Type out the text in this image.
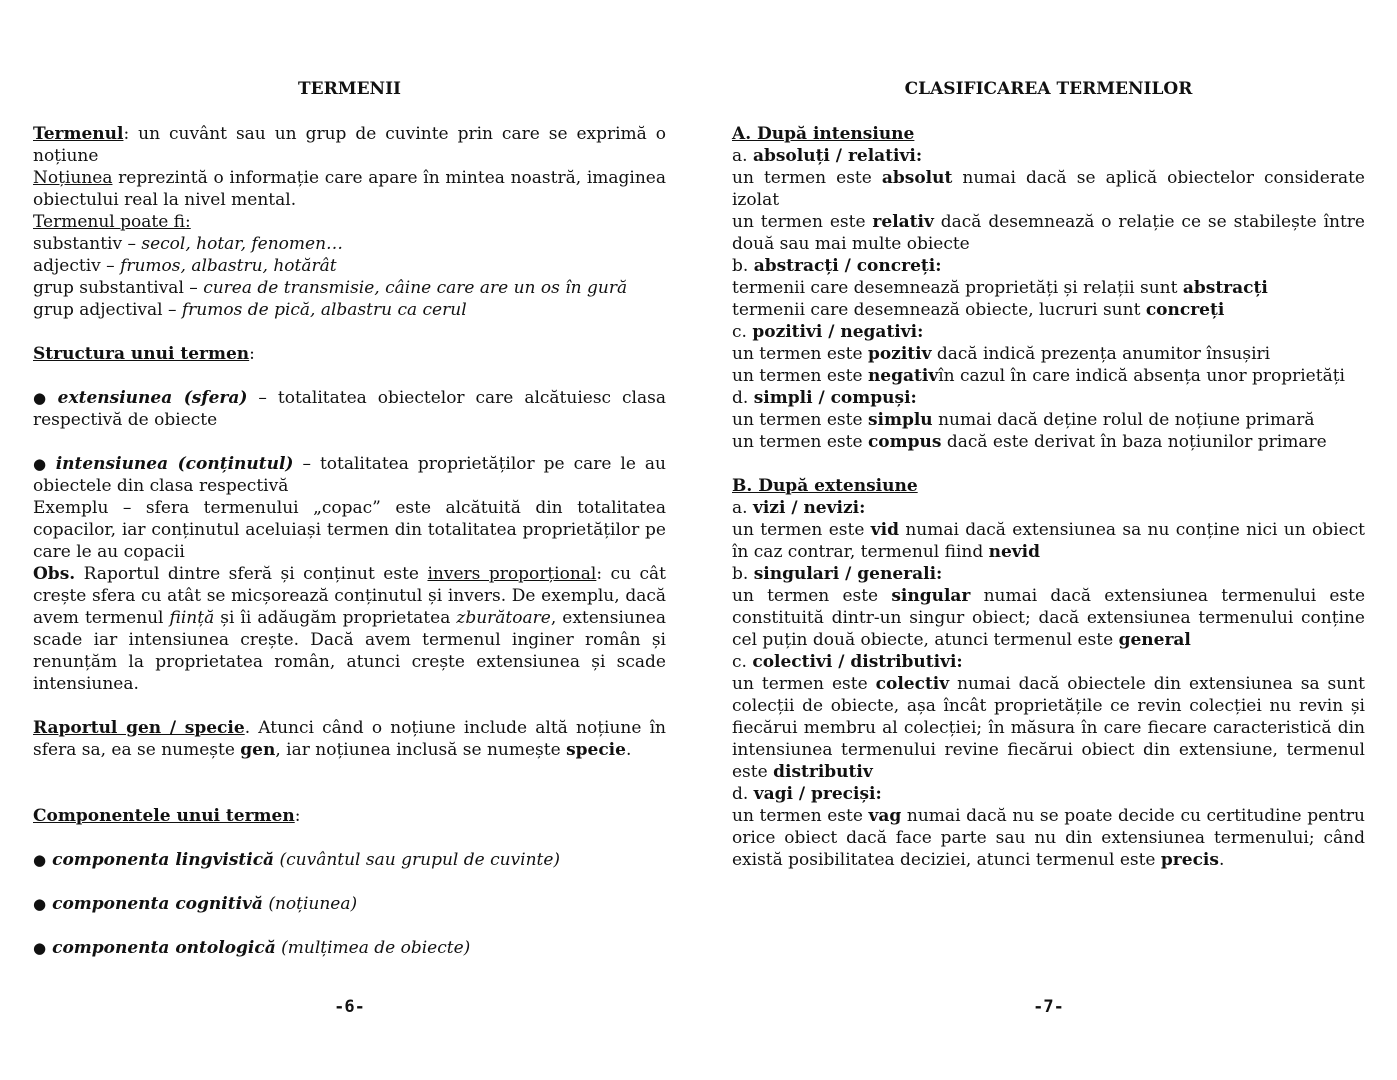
TERMENII
Termenul: un cuvânt sau un grup de cuvinte prin care se exprimă o
noțiune
Noțiunea reprezintă o informație care apare în mintea noastră, imaginea
obiectului real la nivel mental.
Termenul poate fi:
substantiv – secol, hotar, fenomen…
adjectiv – frumos, albastru, hotărât
grup substantival – curea de transmisie, câine care are un os în gură
grup adjectival – frumos de pică, albastru ca cerul
Structura unui termen:
● extensiunea (sfera) – totalitatea obiectelor care alcătuiesc clasa
respectivă de obiecte
● intensiunea (conținutul) – totalitatea proprietăților pe care le au
obiectele din clasa respectivă
Exemplu – sfera termenului „copac” este alcătuită din totalitatea
copacilor, iar conținutul aceluiași termen din totalitatea proprietăților pe
care le au copacii
Obs. Raportul dintre sferă și conținut este invers proporțional: cu cât
crește sfera cu atât se micșorează conținutul și invers. De exemplu, dacă
avem termenul ființă și îi adăugăm proprietatea zburătoare, extensiunea
scade iar intensiunea crește. Dacă avem termenul inginer român și
renunțăm la proprietatea român, atunci crește extensiunea și scade
intensiunea.
Raportul gen / specie. Atunci când o noțiune include altă noțiune în
sfera sa, ea se numește gen, iar noțiunea inclusă se numește specie.
Componentele unui termen:
● componenta lingvistică (cuvântul sau grupul de cuvinte)
● componenta cognitivă (noțiunea)
● componenta ontologică (mulțimea de obiecte)
-6-
CLASIFICAREA TERMENILOR
A. După intensiune
a. absoluți / relativi:
un termen este absolut numai dacă se aplică obiectelor considerate
izolat
un termen este relativ dacă desemnează o relație ce se stabilește între
două sau mai multe obiecte
b. abstracți / concreți:
termenii care desemnează proprietăți și relații sunt abstracți
termenii care desemnează obiecte, lucruri sunt concreți
c. pozitivi / negativi:
un termen este pozitiv dacă indică prezența anumitor însușiri
un termen este negativîn cazul în care indică absența unor proprietăți
d. simpli / compuși:
un termen este simplu numai dacă deține rolul de noțiune primară
un termen este compus dacă este derivat în baza noțiunilor primare
B. După extensiune
a. vizi / nevizi:
un termen este vid numai dacă extensiunea sa nu conține nici un obiect
în caz contrar, termenul fiind nevid
b. singulari / generali:
un termen este singular numai dacă extensiunea termenului este
constituită dintr-un singur obiect; dacă extensiunea termenului conține
cel puțin două obiecte, atunci termenul este general
c. colectivi / distributivi:
un termen este colectiv numai dacă obiectele din extensiunea sa sunt
colecții de obiecte, așa încât proprietățile ce revin colecției nu revin și
fiecărui membru al colecției; în măsura în care fiecare caracteristică din
intensiunea termenului revine fiecărui obiect din extensiune, termenul
este distributiv
d. vagi / preciși:
un termen este vag numai dacă nu se poate decide cu certitudine pentru
orice obiect dacă face parte sau nu din extensiunea termenului; când
există posibilitatea deciziei, atunci termenul este precis.
-7-
